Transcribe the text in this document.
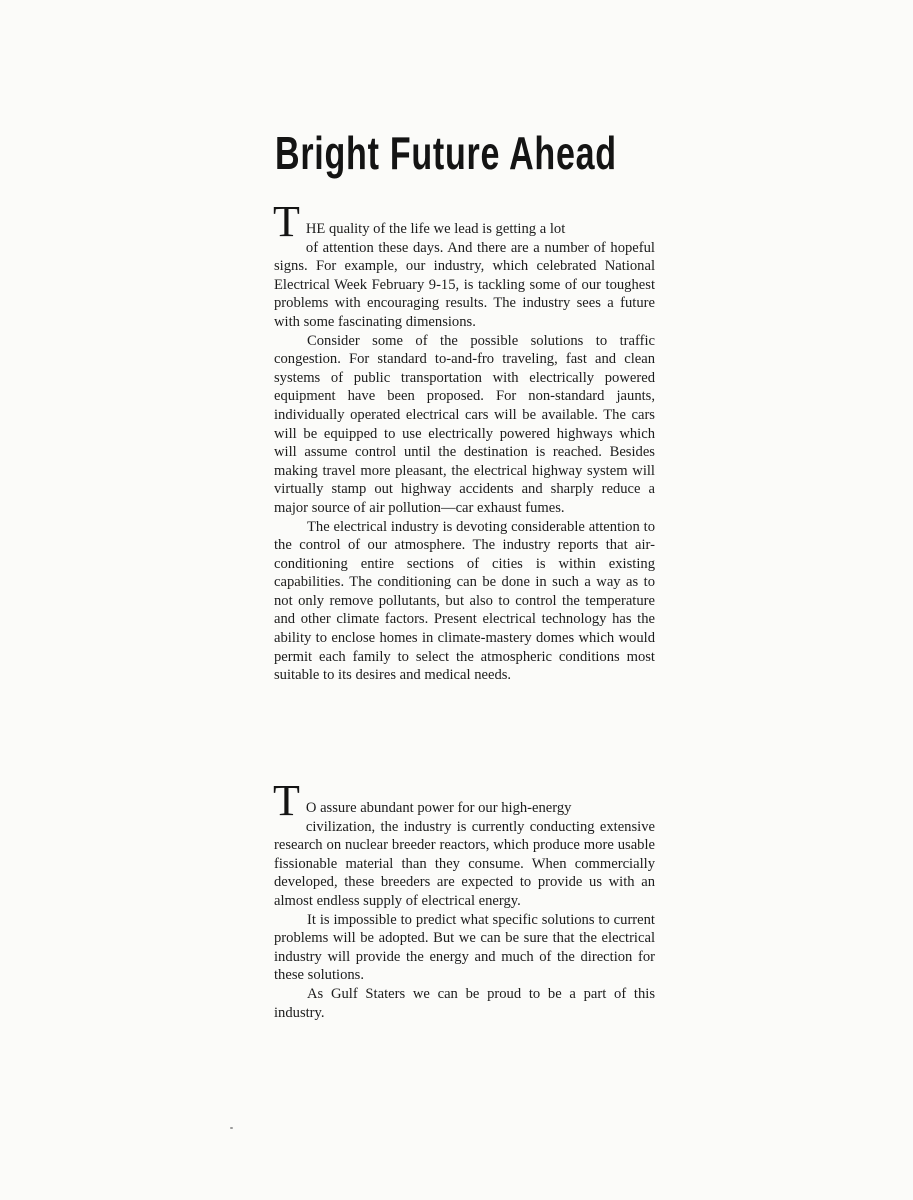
Bright Future Ahead

T HE quality of the life we lead is getting a lot
of attention these days. And there are a number of hopeful signs. For example, our industry, which celebrated National Electrical Week February 9-15, is tackling some of our toughest problems with encouraging results. The industry sees a future with some fascinating dimensions.

Consider some of the possible solutions to traffic congestion. For standard to-and-fro traveling, fast and clean systems of public transportation with electrically powered equipment have been proposed. For non-standard jaunts, individually operated electrical cars will be available. The cars will be equipped to use electrically powered highways which will assume control until the destination is reached. Besides making travel more pleasant, the electrical highway system will virtually stamp out highway accidents and sharply reduce a major source of air pollution—car exhaust fumes.

The electrical industry is devoting considerable attention to the control of our atmosphere. The industry reports that air-conditioning entire sections of cities is within existing capabilities. The conditioning can be done in such a way as to not only remove pollutants, but also to control the temperature and other climate factors. Present electrical technology has the ability to enclose homes in climate-mastery domes which would permit each family to select the atmospheric conditions most suitable to its desires and medical needs.

T O assure abundant power for our high-energy
civilization, the industry is currently conducting extensive research on nuclear breeder reactors, which produce more usable fissionable material than they consume. When commercially developed, these breeders are expected to provide us with an almost endless supply of electrical energy.

It is impossible to predict what specific solutions to current problems will be adopted. But we can be sure that the electrical industry will provide the energy and much of the direction for these solutions.

As Gulf Staters we can be proud to be a part of this industry.
